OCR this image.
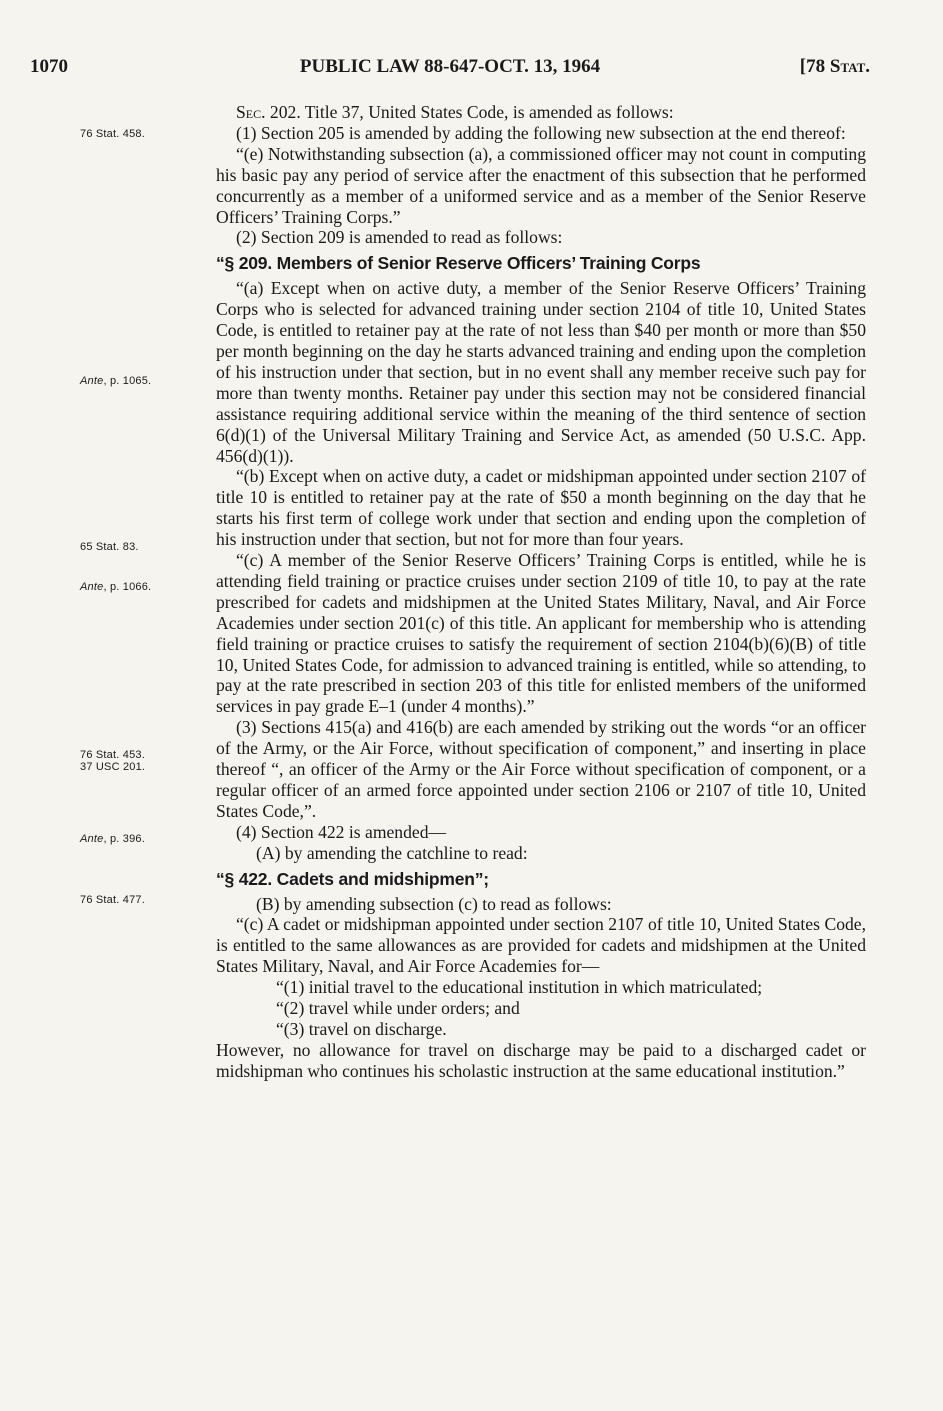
1070	PUBLIC LAW 88-647-OCT. 13, 1964	[78 Stat.
76 Stat. 458.
Ante, p. 1065.
65 Stat. 83.
Ante, p. 1066.
76 Stat. 453.
37 USC 201.
Ante, p. 396.
76 Stat. 477.

Sec. 202. Title 37, United States Code, is amended as follows:

(1) Section 205 is amended by adding the following new subsection at the end thereof:

“(e) Notwithstanding subsection (a), a commissioned officer may not count in computing his basic pay any period of service after the enactment of this subsection that he performed concurrently as a member of a uniformed service and as a member of the Senior Reserve Officers’ Training Corps.”

(2) Section 209 is amended to read as follows:

“§ 209. Members of Senior Reserve Officers’ Training Corps

“(a) Except when on active duty, a member of the Senior Reserve Officers’ Training Corps who is selected for advanced training under section 2104 of title 10, United States Code, is entitled to retainer pay at the rate of not less than $40 per month or more than $50 per month beginning on the day he starts advanced training and ending upon the completion of his instruction under that section, but in no event shall any member receive such pay for more than twenty months. Retainer pay under this section may not be considered financial assistance requiring additional service within the meaning of the third sentence of section 6(d)(1) of the Universal Military Training and Service Act, as amended (50 U.S.C. App. 456(d)(1)).

“(b) Except when on active duty, a cadet or midshipman appointed under section 2107 of title 10 is entitled to retainer pay at the rate of $50 a month beginning on the day that he starts his first term of college work under that section and ending upon the completion of his instruction under that section, but not for more than four years.

“(c) A member of the Senior Reserve Officers’ Training Corps is entitled, while he is attending field training or practice cruises under section 2109 of title 10, to pay at the rate prescribed for cadets and midshipmen at the United States Military, Naval, and Air Force Academies under section 201(c) of this title. An applicant for membership who is attending field training or practice cruises to satisfy the requirement of section 2104(b)(6)(B) of title 10, United States Code, for admission to advanced training is entitled, while so attending, to pay at the rate prescribed in section 203 of this title for enlisted members of the uniformed services in pay grade E–1 (under 4 months).”

(3) Sections 415(a) and 416(b) are each amended by striking out the words “or an officer of the Army, or the Air Force, without specification of component,” and inserting in place thereof “, an officer of the Army or the Air Force without specification of component, or a regular officer of an armed force appointed under section 2106 or 2107 of title 10, United States Code,”.

(4) Section 422 is amended—

(A) by amending the catchline to read:

“§ 422. Cadets and midshipmen”;

(B) by amending subsection (c) to read as follows:

“(c) A cadet or midshipman appointed under section 2107 of title 10, United States Code, is entitled to the same allowances as are provided for cadets and midshipmen at the United States Military, Naval, and Air Force Academies for—

“(1) initial travel to the educational institution in which matriculated;

“(2) travel while under orders; and

“(3) travel on discharge.

However, no allowance for travel on discharge may be paid to a discharged cadet or midshipman who continues his scholastic instruction at the same educational institution.”
